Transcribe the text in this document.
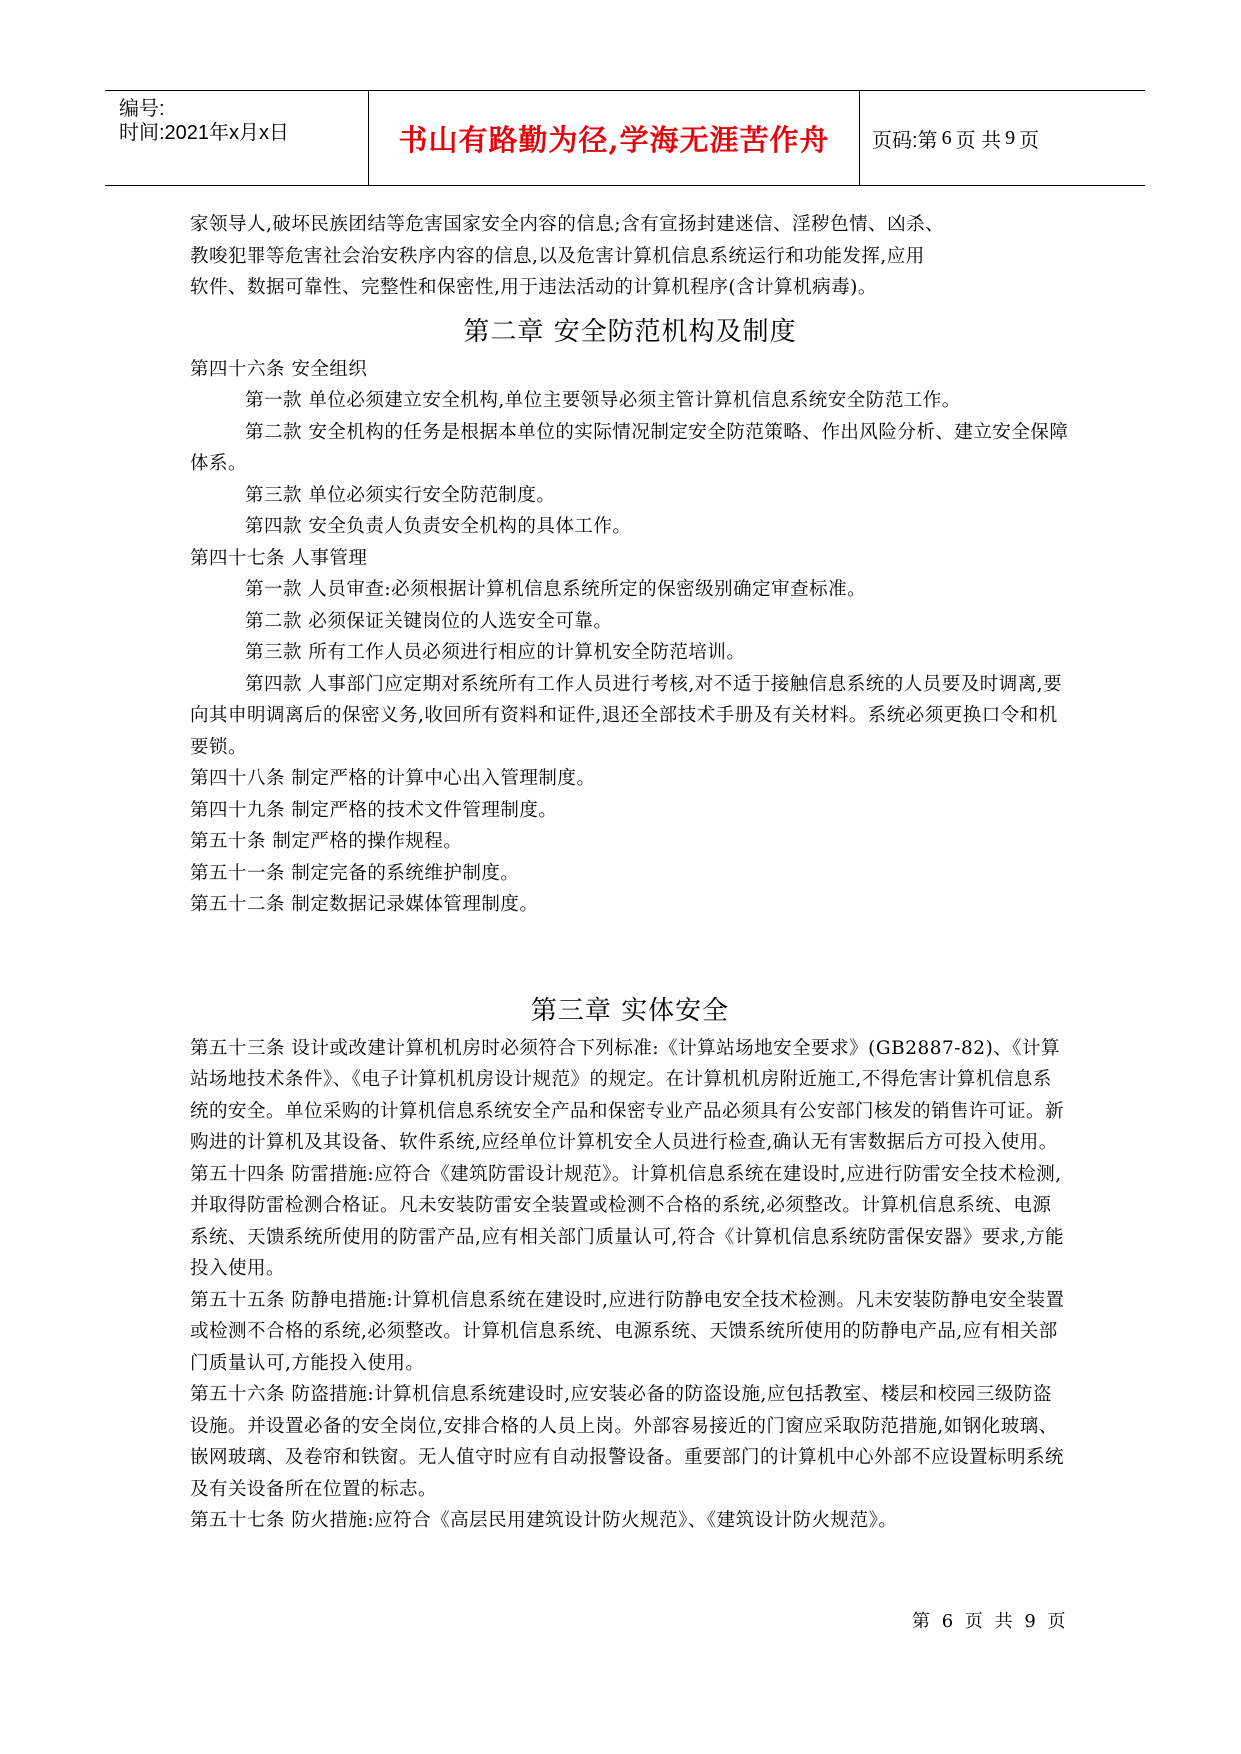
编号:
时间:2021年x月x日	书山有路勤为径,学海无涯苦作舟 页码:第 6 页 共 9 页

家领导人,破坏民族团结等危害国家安全内容的信息;含有宣扬封建迷信、淫秽色情、凶杀、

教唆犯罪等危害社会治安秩序内容的信息,以及危害计算机信息系统运行和功能发挥,应用

软件、数据可靠性、完整性和保密性,用于违法活动的计算机程序(含计算机病毒)。

第二章 安全防范机构及制度

第四十六条 安全组织

第一款 单位必须建立安全机构,单位主要领导必须主管计算机信息系统安全防范工作。

第二款 安全机构的任务是根据本单位的实际情况制定安全防范策略、作出风险分析、建立安全保障体系。

第三款 单位必须实行安全防范制度。

第四款 安全负责人负责安全机构的具体工作。

第四十七条 人事管理

第一款 人员审查:必须根据计算机信息系统所定的保密级别确定审查标准。

第二款 必须保证关键岗位的人选安全可靠。

第三款 所有工作人员必须进行相应的计算机安全防范培训。

第四款 人事部门应定期对系统所有工作人员进行考核,对不适于接触信息系统的人员要及时调离,要向其申明调离后的保密义务,收回所有资料和证件,退还全部技术手册及有关材料。系统必须更换口令和机要锁。

第四十八条 制定严格的计算中心出入管理制度。

第四十九条 制定严格的技术文件管理制度。

第五十条 制定严格的操作规程。

第五十一条 制定完备的系统维护制度。

第五十二条 制定数据记录媒体管理制度。

第三章 实体安全

第五十三条 设计或改建计算机机房时必须符合下列标准:《计算站场地安全要求》(GB2887-82)、《计算站场地技术条件》、《电子计算机机房设计规范》的规定。在计算机机房附近施工,不得危害计算机信息系统的安全。单位采购的计算机信息系统安全产品和保密专业产品必须具有公安部门核发的销售许可证。新购进的计算机及其设备、软件系统,应经单位计算机安全人员进行检查,确认无有害数据后方可投入使用。

第五十四条 防雷措施:应符合《建筑防雷设计规范》。计算机信息系统在建设时,应进行防雷安全技术检测,并取得防雷检测合格证。凡未安装防雷安全装置或检测不合格的系统,必须整改。计算机信息系统、电源系统、天馈系统所使用的防雷产品,应有相关部门质量认可,符合《计算机信息系统防雷保安器》要求,方能投入使用。

第五十五条 防静电措施:计算机信息系统在建设时,应进行防静电安全技术检测。凡未安装防静电安全装置或检测不合格的系统,必须整改。计算机信息系统、电源系统、天馈系统所使用的防静电产品,应有相关部门质量认可,方能投入使用。

第五十六条 防盗措施:计算机信息系统建设时,应安装必备的防盗设施,应包括教室、楼层和校园三级防盗设施。并设置必备的安全岗位,安排合格的人员上岗。外部容易接近的门窗应采取防范措施,如钢化玻璃、嵌网玻璃、及卷帘和铁窗。无人值守时应有自动报警设备。重要部门的计算机中心外部不应设置标明系统及有关设备所在位置的标志。

第五十七条 防火措施:应符合《高层民用建筑设计防火规范》、《建筑设计防火规范》。

第 6 页 共 9 页
